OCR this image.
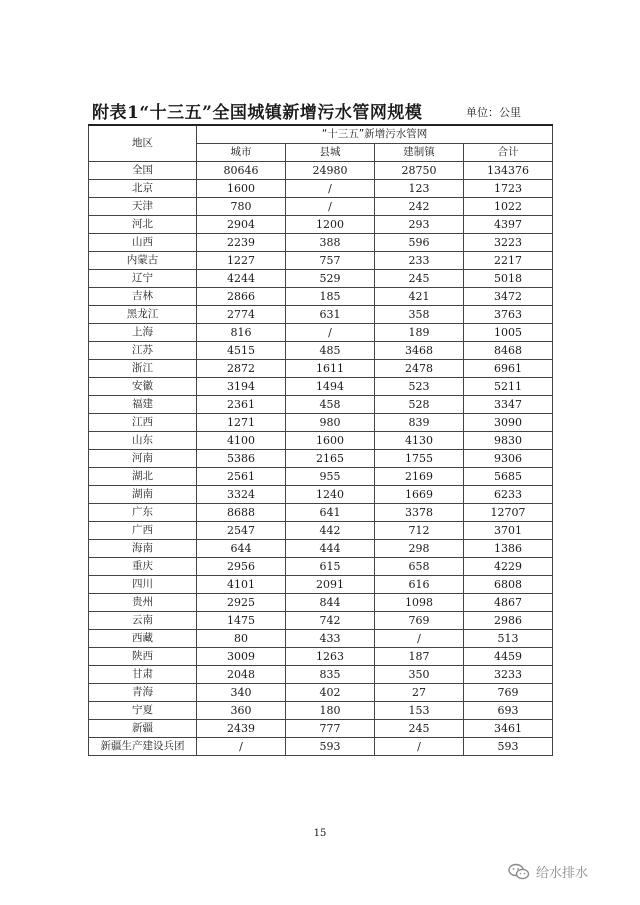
附表1“十三五”全国城镇新增污水管网规模	单位：公里
地区	“十三五”新增污水管网			
	城市	县城	建制镇	合计
全国	80646	24980	28750	134376
北京	1600	/	123	1723
天津	780	/	242	1022
河北	2904	1200	293	4397
山西	2239	388	596	3223
内蒙古	1227	757	233	2217
辽宁	4244	529	245	5018
吉林	2866	185	421	3472
黑龙江	2774	631	358	3763
上海	816	/	189	1005
江苏	4515	485	3468	8468
浙江	2872	1611	2478	6961
安徽	3194	1494	523	5211
福建	2361	458	528	3347
江西	1271	980	839	3090
山东	4100	1600	4130	9830
河南	5386	2165	1755	9306
湖北	2561	955	2169	5685
湖南	3324	1240	1669	6233
广东	8688	641	3378	12707
广西	2547	442	712	3701
海南	644	444	298	1386
重庆	2956	615	658	4229
四川	4101	2091	616	6808
贵州	2925	844	1098	4867
云南	1475	742	769	2986
西藏	80	433	/	513
陕西	3009	1263	187	4459
甘肃	2048	835	350	3233
青海	340	402	27	769
宁夏	360	180	153	693
新疆	2439	777	245	3461
新疆生产建设兵团	/	593	/	593
15
给水排水
